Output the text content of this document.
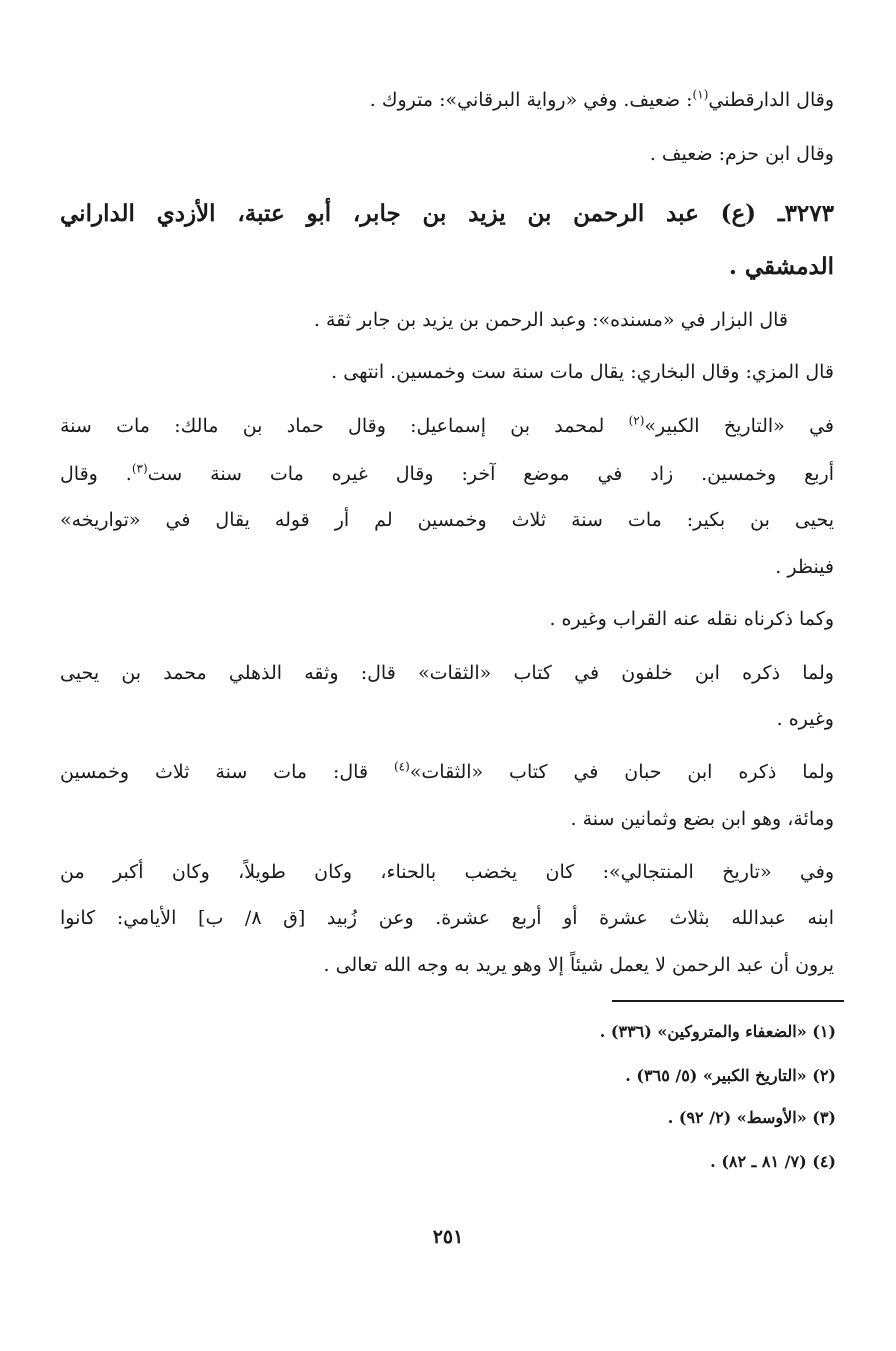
وقال الدارقطني$^{(١)}$: ضعيف. وفي «رواية البرقاني»: متروك .
وقال ابن حزم: ضعيف .
٣٢٧٣ـ (ع) عبد الرحمن بن يزيد بن جابر، أبو عتبة، الأزدي الداراني
الدمشقي .
قال البزار في «مسنده»: وعبد الرحمن بن يزيد بن جابر ثقة .
قال المزي: وقال البخاري: يقال مات سنة ست وخمسين. انتهى .
في «التاريخ الكبير»$^{(٢)}$ لمحمد بن إسماعيل: وقال حماد بن مالك: مات سنة
أربع وخمسين. زاد في موضع آخر: وقال غيره مات سنة ست$^{(٣)}$. وقال
يحيى بن بكير: مات سنة ثلاث وخمسين لم أر قوله يقال في «تواريخه»
فينظر .
وكما ذكرناه نقله عنه القراب وغيره .
ولما ذكره ابن خلفون في كتاب «الثقات» قال: وثقه الذهلي محمد بن يحيى
وغيره .
ولما ذكره ابن حبان في كتاب «الثقات»$^{(٤)}$ قال: مات سنة ثلاث وخمسين
ومائة، وهو ابن بضع وثمانين سنة .
وفي «تاريخ المنتجالي»: كان يخضب بالحناء، وكان طويلاً، وكان أكبر من
ابنه عبدالله بثلاث عشرة أو أربع عشرة. وعن زُبيد [ق ٨/ ب] الأيامي: كانوا
يرون أن عبد الرحمن لا يعمل شيئاً إلا وهو يريد به وجه الله تعالى .
(١) «الضعفاء والمتروكين» (٣٣٦) .
(٢) «التاريخ الكبير» (٥/ ٣٦٥) .
(٣) «الأوسط» (٢/ ٩٢) .
(٤) (٧/ ٨١ ـ ٨٢) .
٢٥١
